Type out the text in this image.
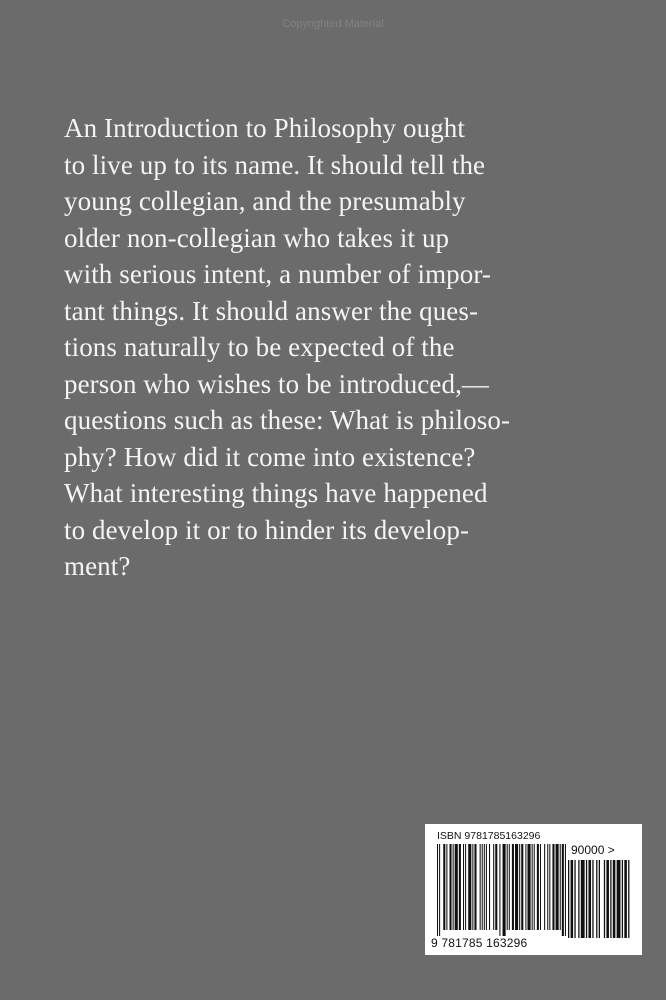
Copyrighted Material
An Introduction to Philosophy ought
to live up to its name. It should tell the
young collegian, and the presumably
older non-collegian who takes it up
with serious intent, a number of impor-
tant things. It should answer the ques-
tions naturally to be expected of the
person who wishes to be introduced,—
questions such as these: What is philoso-
phy? How did it come into existence?
What interesting things have happened
to develop it or to hinder its develop-
ment?
ISBN 9781785163296
9 781785 163296
90000 >
